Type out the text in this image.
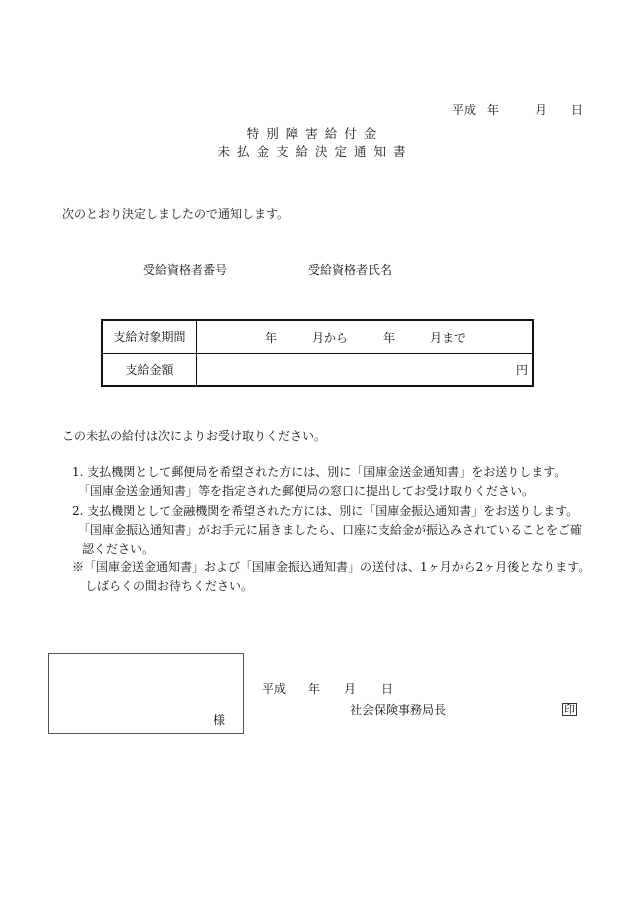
平成 年	月 日
特別障害給付金
未払金支給決定通知書
次のとおり決定しましたので通知します。
受給資格者番号	受給資格者氏名
支給対象期間	年 月から 年 月まで

支給金額	円
この未払の給付は次によりお受け取りください。
1. 支払機関として郵便局を希望された方には、別に「国庫金送金通知書」をお送りします。
「国庫金送金通知書」等を指定された郵便局の窓口に提出してお受け取りください。
2. 支払機関として金融機関を希望された方には、別に「国庫金振込通知書」をお送りします。
「国庫金振込通知書」がお手元に届きましたら、口座に支給金が振込みされていることをご確
認ください。
※「国庫金送金通知書」および「国庫金振込通知書」の送付は、1ヶ月から2ヶ月後となります。
しばらくの間お待ちください。
様
平成 年 月 日
社会保険事務局長	印
